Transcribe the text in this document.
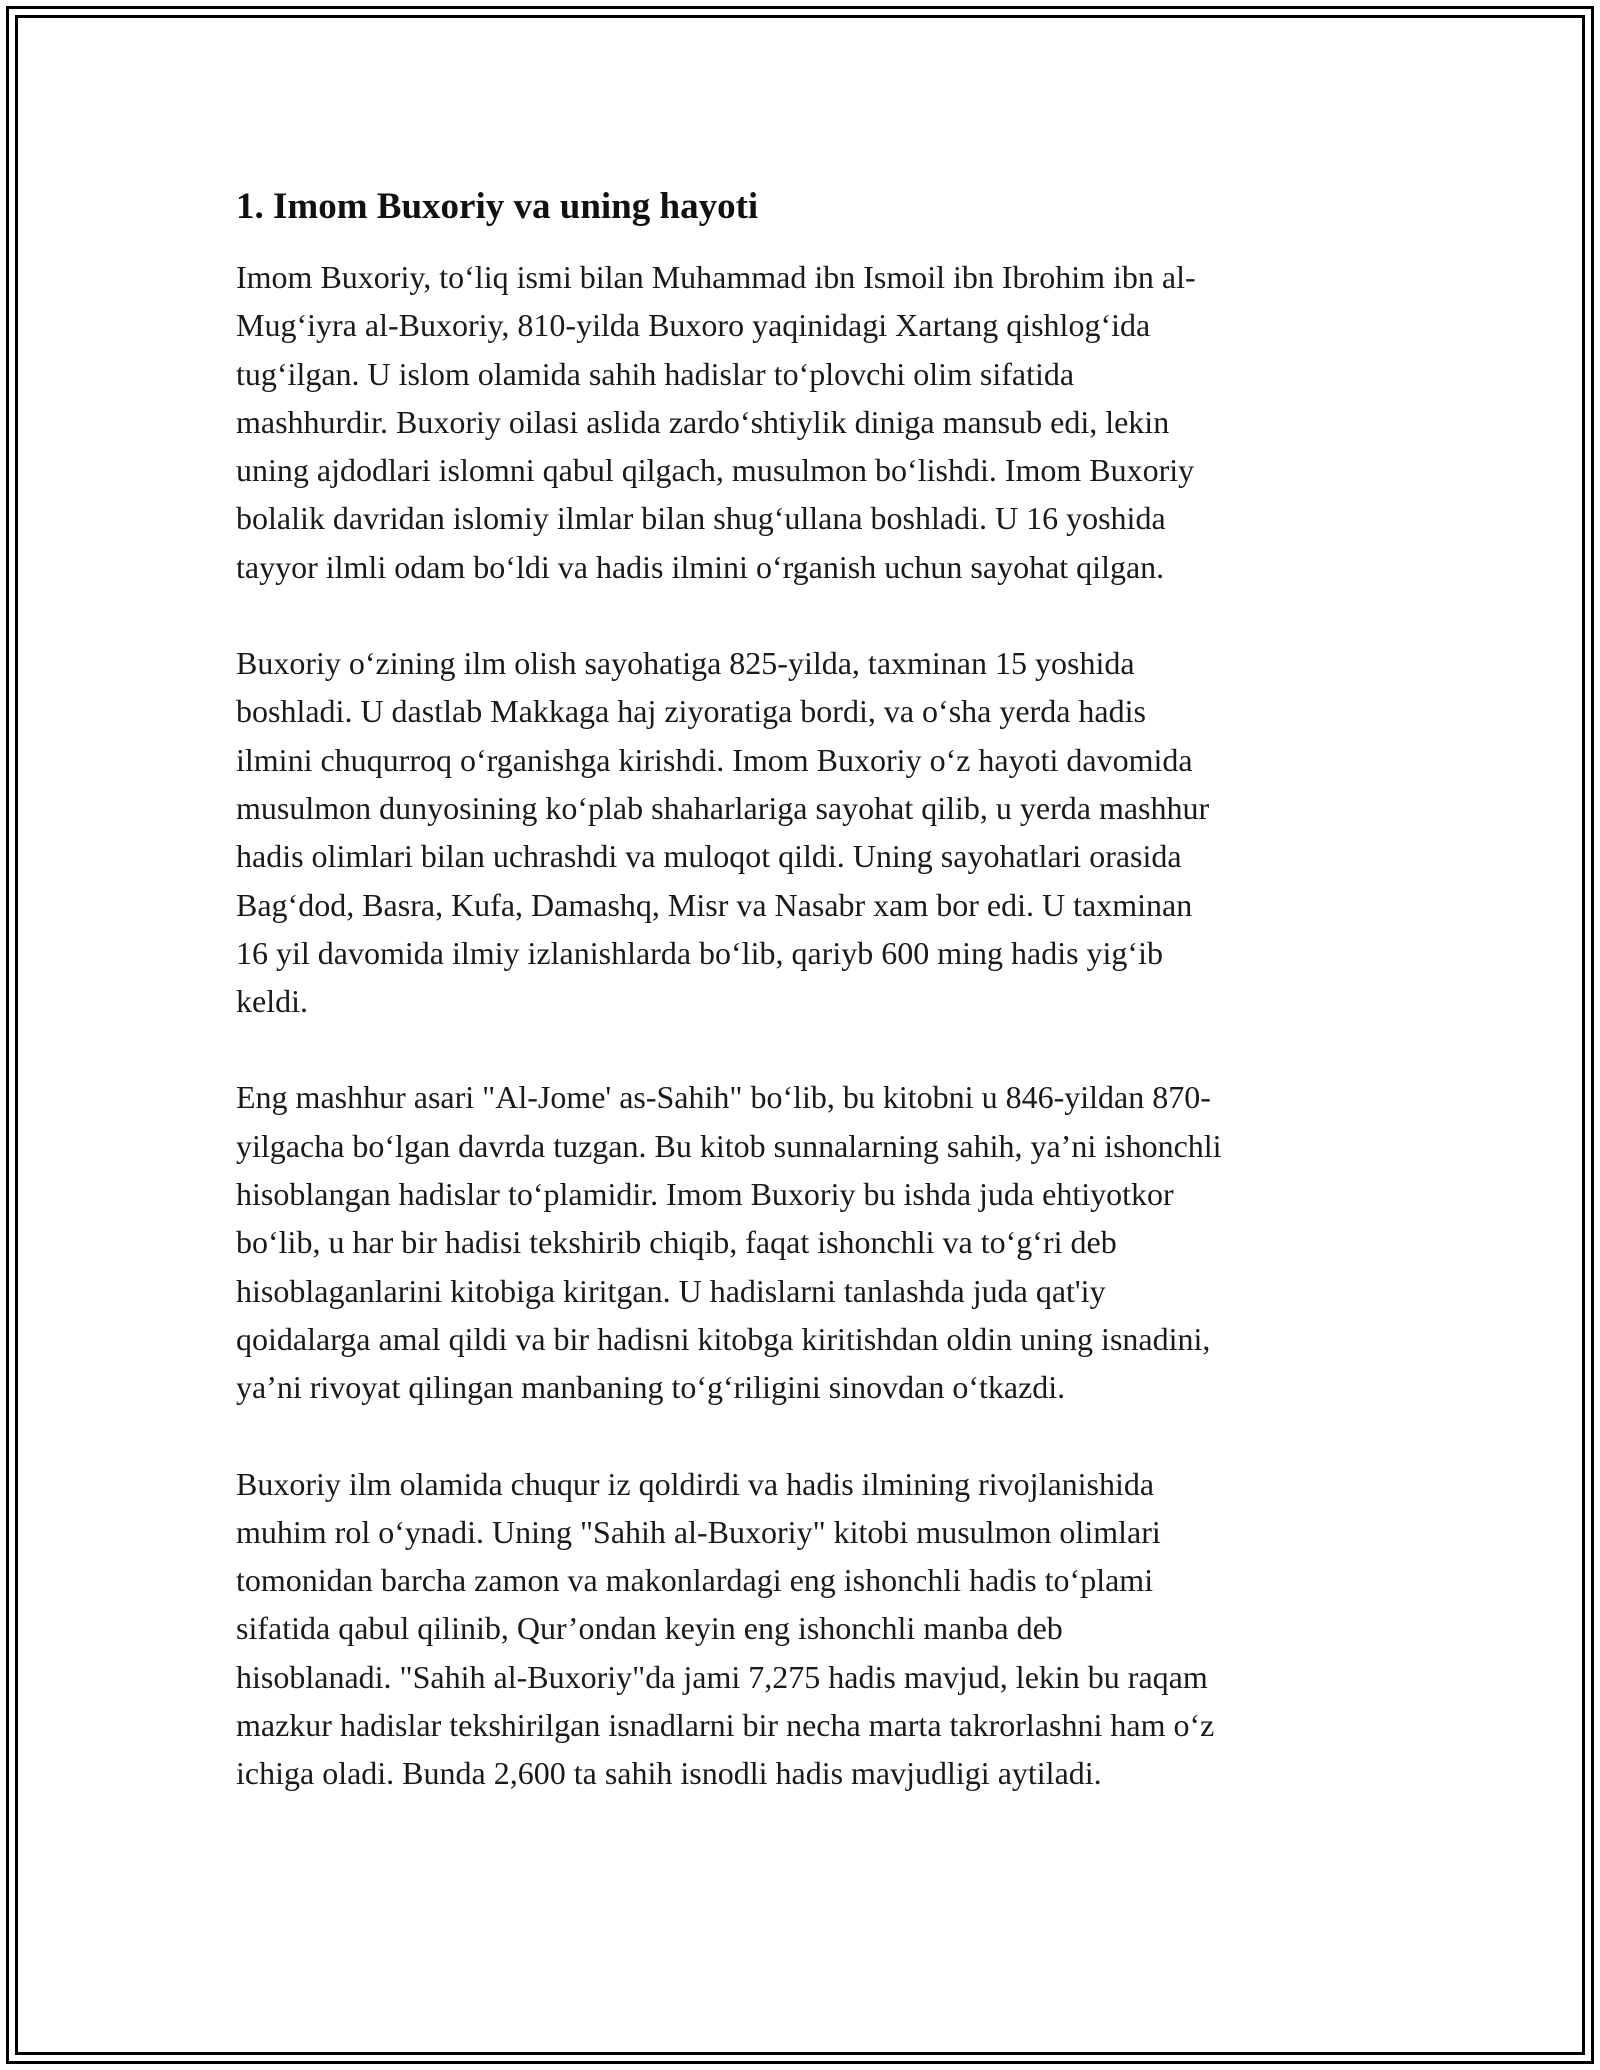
1. Imom Buxoriy va uning hayoti

Imom Buxoriy, to‘liq ismi bilan Muhammad ibn Ismoil ibn Ibrohim ibn al-
Mug‘iyra al-Buxoriy, 810-yilda Buxoro yaqinidagi Xartang qishlog‘ida
tug‘ilgan. U islom olamida sahih hadislar to‘plovchi olim sifatida
mashhurdir. Buxoriy oilasi aslida zardo‘shtiylik diniga mansub edi, lekin
uning ajdodlari islomni qabul qilgach, musulmon bo‘lishdi. Imom Buxoriy
bolalik davridan islomiy ilmlar bilan shug‘ullana boshladi. U 16 yoshida
tayyor ilmli odam bo‘ldi va hadis ilmini o‘rganish uchun sayohat qilgan.

Buxoriy o‘zining ilm olish sayohatiga 825-yilda, taxminan 15 yoshida
boshladi. U dastlab Makkaga haj ziyoratiga bordi, va o‘sha yerda hadis
ilmini chuqurroq o‘rganishga kirishdi. Imom Buxoriy o‘z hayoti davomida
musulmon dunyosining ko‘plab shaharlariga sayohat qilib, u yerda mashhur
hadis olimlari bilan uchrashdi va muloqot qildi. Uning sayohatlari orasida
Bag‘dod, Basra, Kufa, Damashq, Misr va Nasabr xam bor edi. U taxminan
16 yil davomida ilmiy izlanishlarda bo‘lib, qariyb 600 ming hadis yig‘ib
keldi.

Eng mashhur asari "Al-Jome' as-Sahih" bo‘lib, bu kitobni u 846-yildan 870-
yilgacha bo‘lgan davrda tuzgan. Bu kitob sunnalarning sahih, ya’ni ishonchli
hisoblangan hadislar to‘plamidir. Imom Buxoriy bu ishda juda ehtiyotkor
bo‘lib, u har bir hadisi tekshirib chiqib, faqat ishonchli va to‘g‘ri deb
hisoblaganlarini kitobiga kiritgan. U hadislarni tanlashda juda qat'iy
qoidalarga amal qildi va bir hadisni kitobga kiritishdan oldin uning isnadini,
ya’ni rivoyat qilingan manbaning to‘g‘riligini sinovdan o‘tkazdi.

Buxoriy ilm olamida chuqur iz qoldirdi va hadis ilmining rivojlanishida
muhim rol o‘ynadi. Uning "Sahih al-Buxoriy" kitobi musulmon olimlari
tomonidan barcha zamon va makonlardagi eng ishonchli hadis to‘plami
sifatida qabul qilinib, Qur’ondan keyin eng ishonchli manba deb
hisoblanadi. "Sahih al-Buxoriy"da jami 7,275 hadis mavjud, lekin bu raqam
mazkur hadislar tekshirilgan isnadlarni bir necha marta takrorlashni ham o‘z
ichiga oladi. Bunda 2,600 ta sahih isnodli hadis mavjudligi aytiladi.
